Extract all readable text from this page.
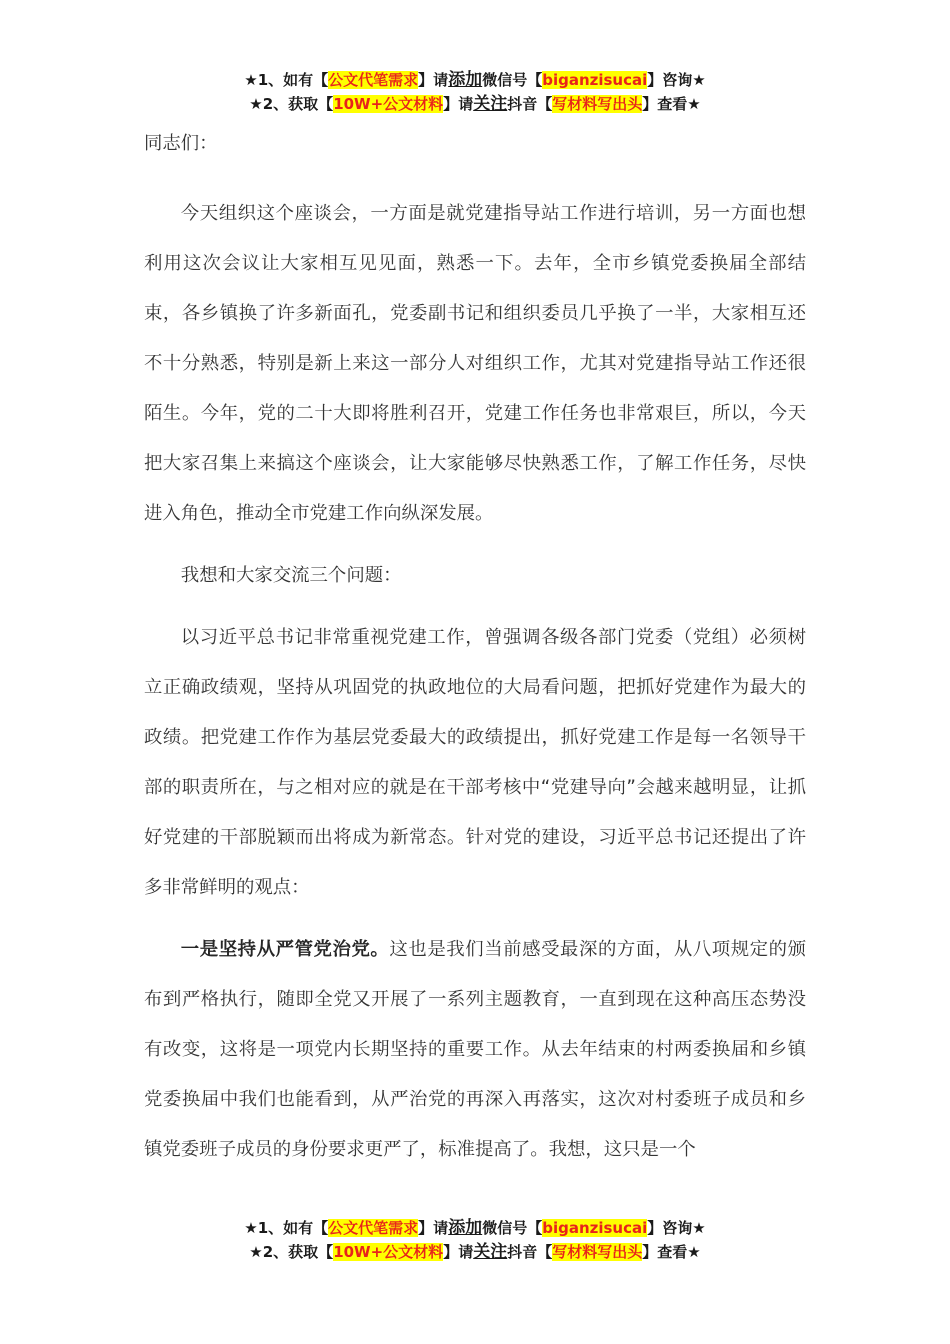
★1、如有【公文代笔需求】请添加微信号【biganzisucai】咨询★
★2、获取【10W+公文材料】请关注抖音【写材料写出头】查看★
同志们：

今天组织这个座谈会，一方面是就党建指导站工作进行培训，另一方面也想利用这次会议让大家相互见见面，熟悉一下。去年，全市乡镇党委换届全部结束，各乡镇换了许多新面孔，党委副书记和组织委员几乎换了一半，大家相互还不十分熟悉，特别是新上来这一部分人对组织工作，尤其对党建指导站工作还很陌生。今年，党的二十大即将胜利召开，党建工作任务也非常艰巨，所以，今天把大家召集上来搞这个座谈会，让大家能够尽快熟悉工作，了解工作任务，尽快进入角色，推动全市党建工作向纵深发展。

我想和大家交流三个问题：

以习近平总书记非常重视党建工作，曾强调各级各部门党委（党组）必须树立正确政绩观，坚持从巩固党的执政地位的大局看问题，把抓好党建作为最大的政绩。把党建工作作为基层党委最大的政绩提出，抓好党建工作是每一名领导干部的职责所在，与之相对应的就是在干部考核中“党建导向”会越来越明显，让抓好党建的干部脱颖而出将成为新常态。针对党的建设，习近平总书记还提出了许多非常鲜明的观点：

一是坚持从严管党治党。这也是我们当前感受最深的方面，从八项规定的颁布到严格执行，随即全党又开展了一系列主题教育，一直到现在这种高压态势没有改变，这将是一项党内长期坚持的重要工作。从去年结束的村两委换届和乡镇党委换届中我们也能看到，从严治党的再深入再落实，这次对村委班子成员和乡镇党委班子成员的身份要求更严了，标准提高了。我想，这只是一个

★1、如有【公文代笔需求】请添加微信号【biganzisucai】咨询★
★2、获取【10W+公文材料】请关注抖音【写材料写出头】查看★
